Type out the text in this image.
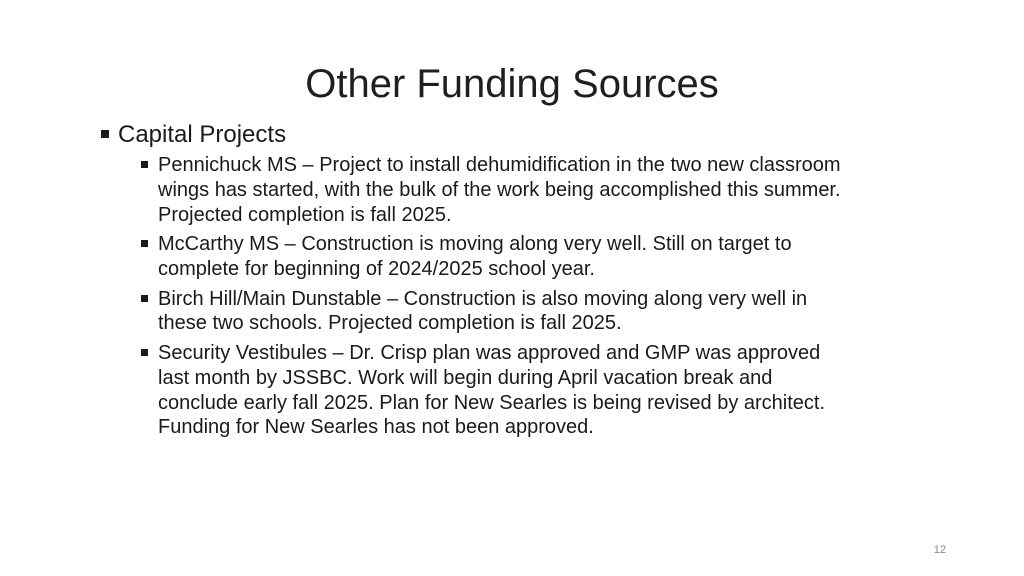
Other Funding Sources
Capital Projects
Pennichuck MS – Project to install dehumidification in the two new classroom wings has started, with the bulk of the work being accomplished this summer. Projected completion is fall 2025.
McCarthy MS – Construction is moving along very well. Still on target to complete for beginning of 2024/2025 school year.
Birch Hill/Main Dunstable – Construction is also moving along very well in these two schools. Projected completion is fall 2025.
Security Vestibules – Dr. Crisp plan was approved and GMP was approved last month by JSSBC. Work will begin during April vacation break and conclude early fall 2025. Plan for New Searles is being revised by architect. Funding for New Searles has not been approved.
12
